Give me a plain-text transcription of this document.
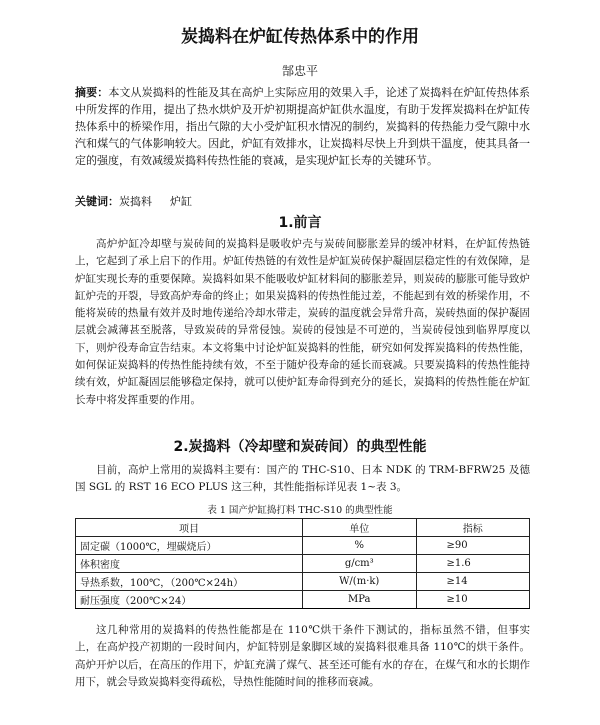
炭捣料在炉缸传热体系中的作用
郜忠平

摘要：本文从炭捣料的性能及其在高炉上实际应用的效果入手，论述了炭捣料在炉缸传热体系中所发挥的作用，提出了热水烘炉及开炉初期提高炉缸供水温度，有助于发挥炭捣料在炉缸传热体系中的桥梁作用，指出气隙的大小受炉缸积水情况的制约，炭捣料的传热能力受气隙中水汽和煤气的气体影响较大。因此，炉缸有效排水，让炭捣料尽快上升到烘干温度，使其具备一定的强度，有效减缓炭捣料传热性能的衰减，是实现炉缸长寿的关键环节。

关键词：炭捣料 炉缸

1.前言

高炉炉缸冷却壁与炭砖间的炭捣料是吸收炉壳与炭砖间膨胀差异的缓冲材料，在炉缸传热链上，它起到了承上启下的作用。炉缸传热链的有效性是炉缸炭砖保护凝固层稳定性的有效保障，是炉缸实现长寿的重要保障。炭捣料如果不能吸收炉缸材料间的膨胀差异，则炭砖的膨胀可能导致炉缸炉壳的开裂，导致高炉寿命的终止；如果炭捣料的传热性能过差，不能起到有效的桥梁作用，不能将炭砖的热量有效并及时地传递给冷却水带走，炭砖的温度就会异常升高，炭砖热面的保护凝固层就会减薄甚至脱落，导致炭砖的异常侵蚀。炭砖的侵蚀是不可逆的，当炭砖侵蚀到临界厚度以下，则炉役寿命宣告结束。本文将集中讨论炉缸炭捣料的性能，研究如何发挥炭捣料的传热性能，如何保证炭捣料的传热性能持续有效，不至于随炉役寿命的延长而衰减。只要炭捣料的传热性能持续有效，炉缸凝固层能够稳定保持，就可以使炉缸寿命得到充分的延长，炭捣料的传热性能在炉缸长寿中将发挥重要的作用。

2.炭捣料（冷却壁和炭砖间）的典型性能

目前，高炉上常用的炭捣料主要有：国产的 THC-S10、日本 NDK 的 TRM-BFRW25 及德国 SGL 的 RST 16 ECO PLUS 这三种，其性能指标详见表 1~表 3。

表 1 国产炉缸捣打料 THC-S10 的典型性能
项目	单位	指标
固定碳（1000℃，埋碳烧后）	%	≥90
体积密度	g/cm³	≥1.6
导热系数，100℃，（200℃×24h）	W/(m·k)	≥14
耐压强度（200℃×24）	MPa	≥10

这几种常用的炭捣料的传热性能都是在 110℃烘干条件下测试的，指标虽然不错，但事实上，在高炉投产初期的一段时间内，炉缸特别是象脚区域的炭捣料很难具备 110℃的烘干条件。高炉开炉以后，在高压的作用下，炉缸充满了煤气、甚至还可能有水的存在，在煤气和水的长期作用下，就会导致炭捣料变得疏松，导热性能随时间的推移而衰减。
